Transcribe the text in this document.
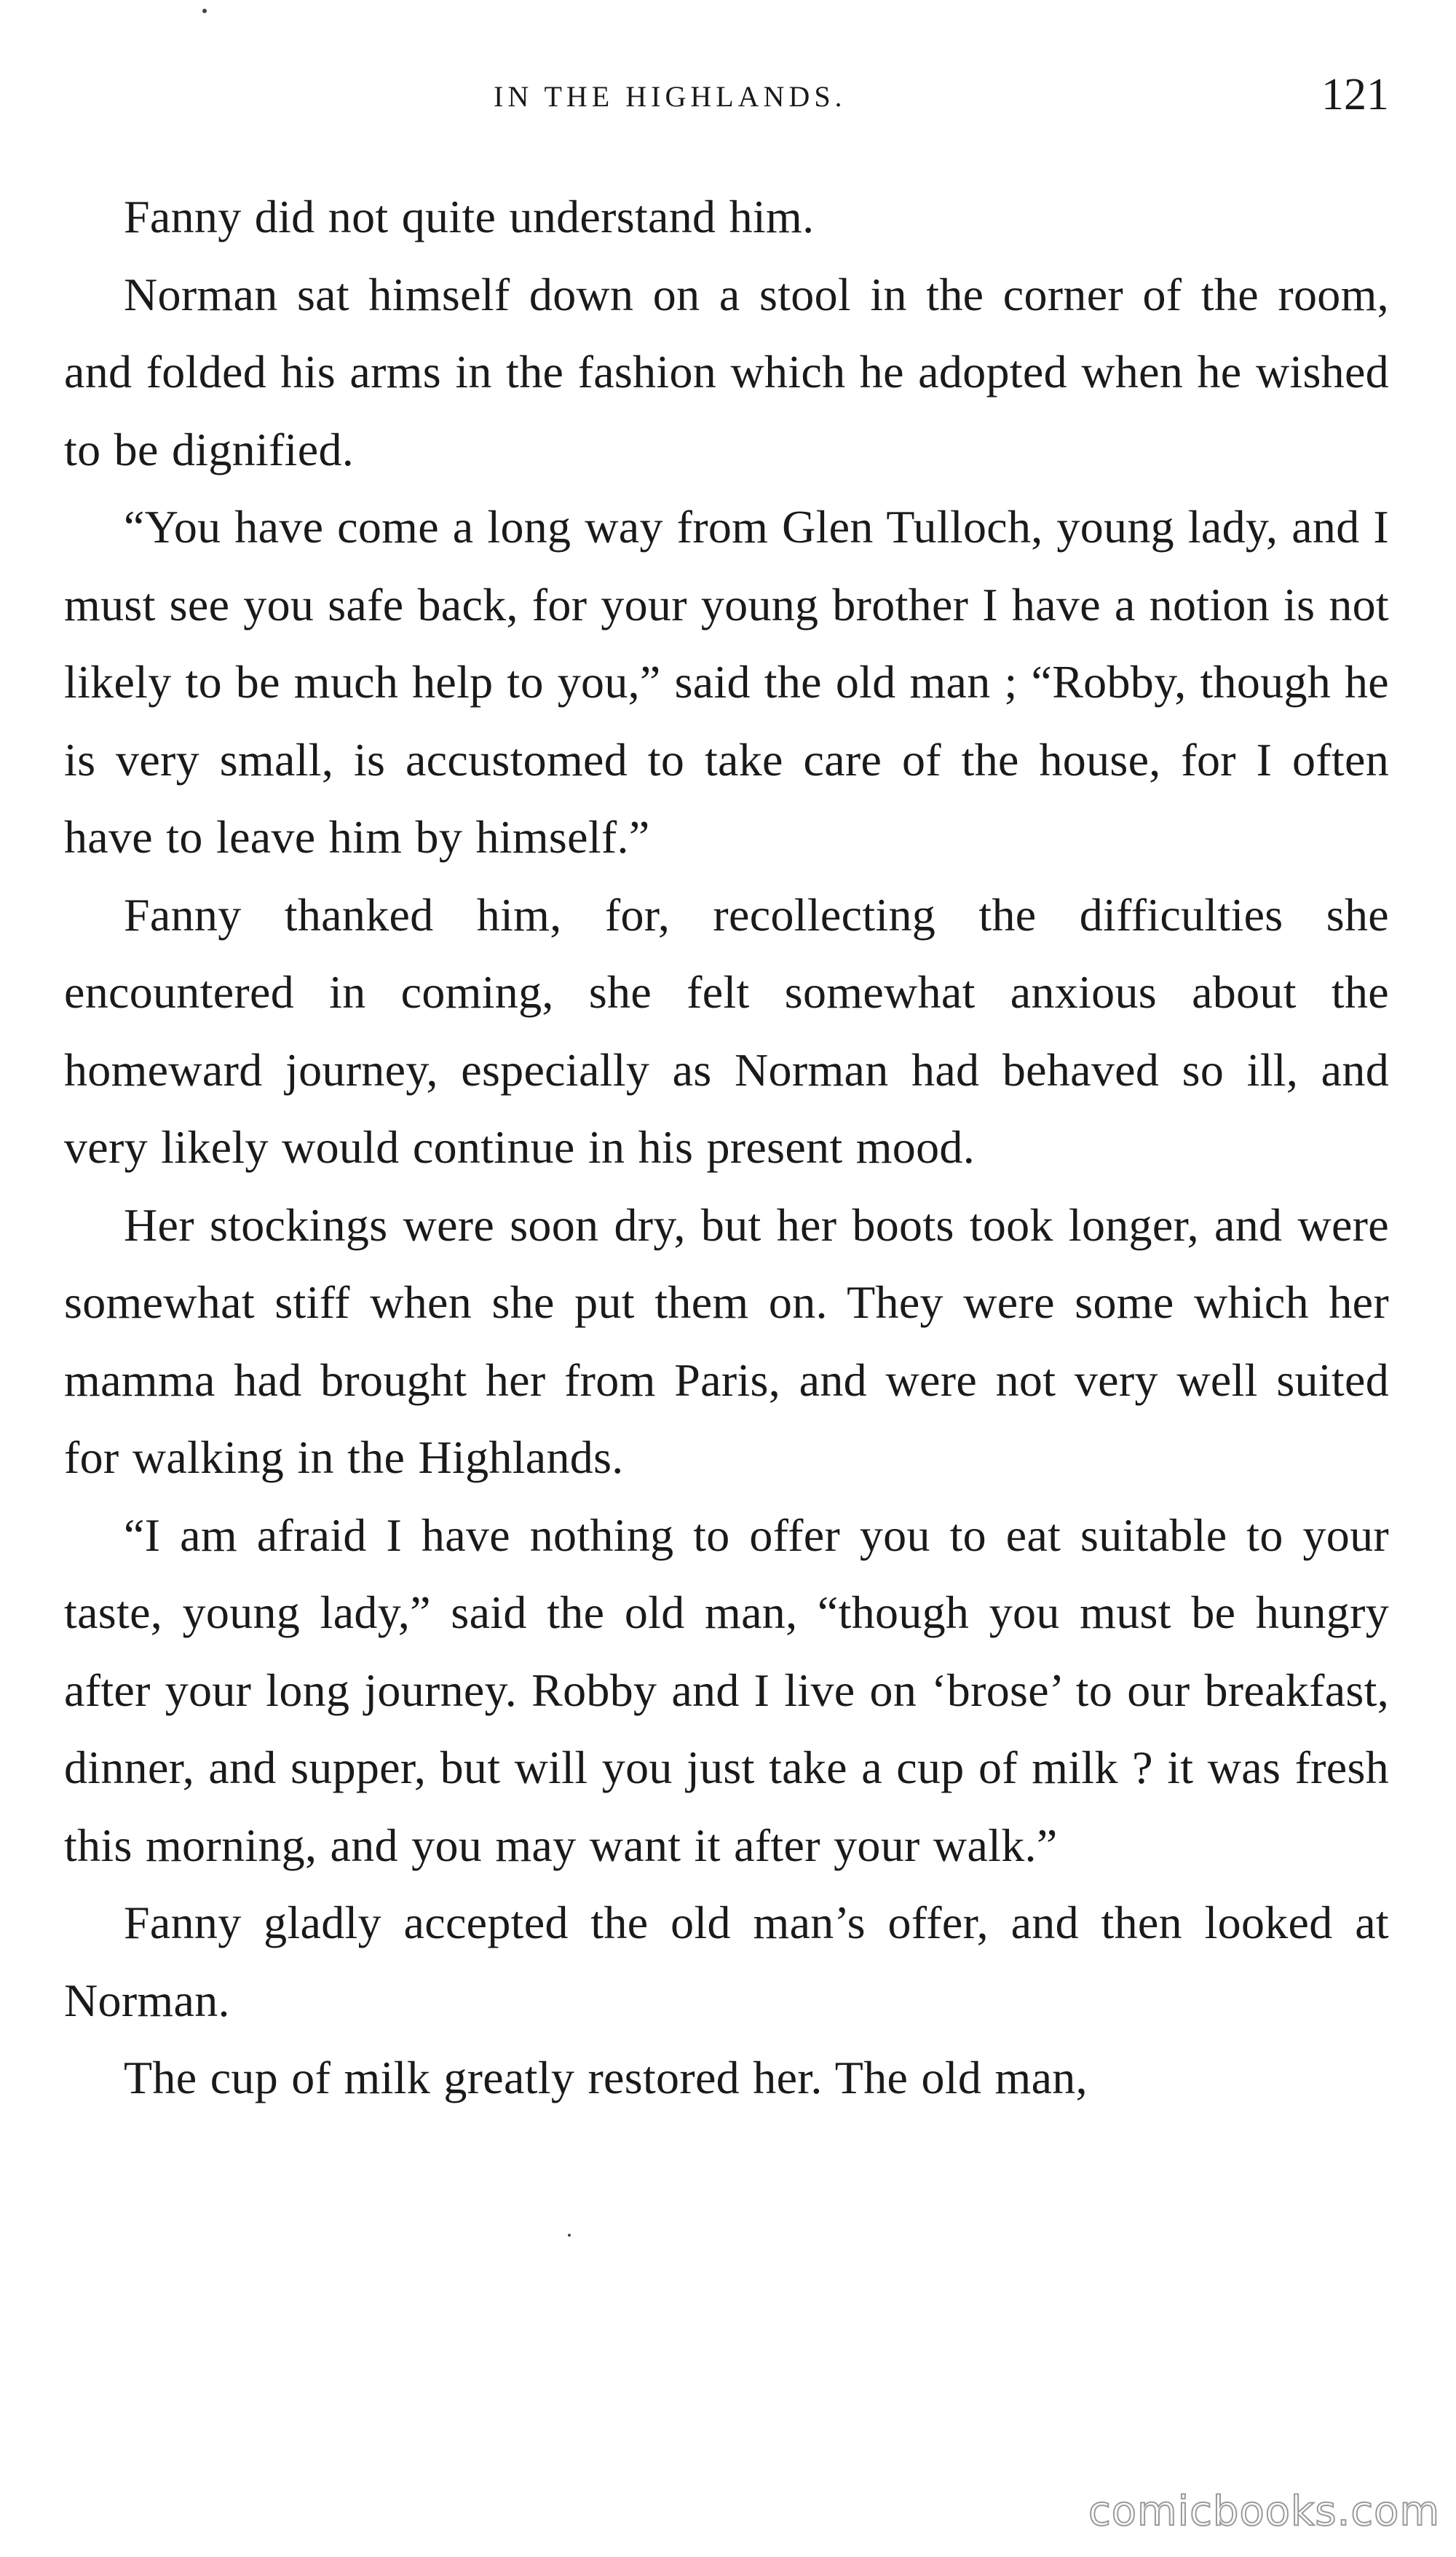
IN THE HIGHLANDS.	121

Fanny did not quite understand him.

Norman sat himself down on a stool in the corner of the room, and folded his arms in the fashion which he adopted when he wished to be dignified.

“You have come a long way from Glen Tulloch, young lady, and I must see you safe back, for your young brother I have a notion is not likely to be much help to you,” said the old man ; “Robby, though he is very small, is accustomed to take care of the house, for I often have to leave him by himself.”

Fanny thanked him, for, recollecting the difficulties she encountered in coming, she felt somewhat anxious about the homeward journey, especially as Norman had behaved so ill, and very likely would continue in his present mood.

Her stockings were soon dry, but her boots took longer, and were somewhat stiff when she put them on. They were some which her mamma had brought her from Paris, and were not very well suited for walking in the Highlands.

“I am afraid I have nothing to offer you to eat suitable to your taste, young lady,” said the old man, “though you must be hungry after your long journey. Robby and I live on ‘brose’ to our breakfast, dinner, and supper, but will you just take a cup of milk ? it was fresh this morning, and you may want it after your walk.”

Fanny gladly accepted the old man’s offer, and then looked at Norman.

The cup of milk greatly restored her. The old man,

comicbooks.com
